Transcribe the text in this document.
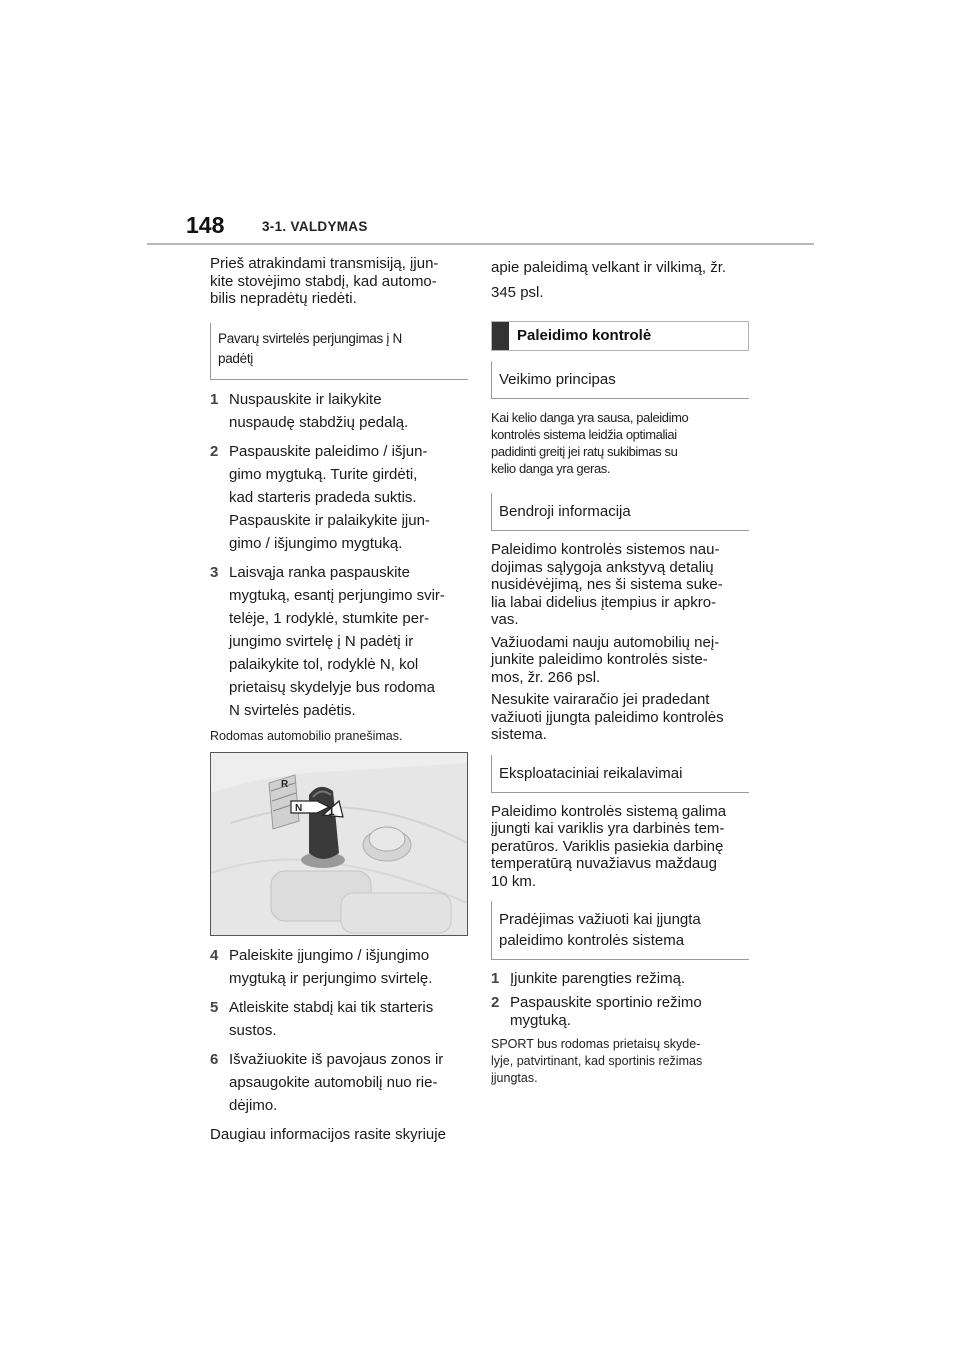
148	3-1. VALDYMAS
Prieš atrakindami transmisiją, įjun-
kite stovėjimo stabdį, kad automo-
bilis nepradėtų riedėti.
Pavarų svirtelės perjungimas į N
padėtį
1 Nuspauskite ir laikykite
nuspaudę stabdžių pedalą.
2 Paspauskite paleidimo / išjun-
gimo mygtuką. Turite girdėti,
kad starteris pradeda suktis.
Paspauskite ir palaikykite įjun-
gimo / išjungimo mygtuką.
3 Laisvąja ranka paspauskite
mygtuką, esantį perjungimo svir-
telėje, 1 rodyklė, stumkite per-
jungimo svirtelę į N padėtį ir
palaikykite tol, rodyklė N, kol
prietaisų skydelyje bus rodoma
N svirtelės padėtis.
Rodomas automobilio pranešimas.
R
N 1
4 Paleiskite įjungimo / išjungimo
mygtuką ir perjungimo svirtelę.
5 Atleiskite stabdį kai tik starteris
sustos.
6 Išvažiuokite iš pavojaus zonos ir
apsaugokite automobilį nuo rie-
dėjimo.
Daugiau informacijos rasite skyriuje
apie paleidimą velkant ir vilkimą, žr.
345 psl.
Paleidimo kontrolė
Veikimo principas
Kai kelio danga yra sausa, paleidimo
kontrolės sistema leidžia optimaliai
padidinti greitį jei ratų sukibimas su
kelio danga yra geras.
Bendroji informacija
Paleidimo kontrolės sistemos nau-
dojimas sąlygoja ankstyvą detalių
nusidėvėjimą, nes ši sistema suke-
lia labai didelius įtempius ir apkro-
vas.
Važiuodami nauju automobilių neį-
junkite paleidimo kontrolės siste-
mos, žr. 266 psl.
Nesukite vairaračio jei pradedant
važiuoti įjungta paleidimo kontrolės
sistema.
Eksploataciniai reikalavimai
Paleidimo kontrolės sistemą galima
įjungti kai variklis yra darbinės tem-
peratūros. Variklis pasiekia darbinę
temperatūrą nuvažiavus maždaug
10 km.
Pradėjimas važiuoti kai įjungta
paleidimo kontrolės sistema
1 Įjunkite parengties režimą.
2 Paspauskite sportinio režimo
mygtuką.
SPORT bus rodomas prietaisų skyde-
lyje, patvirtinant, kad sportinis režimas
įjungtas.
